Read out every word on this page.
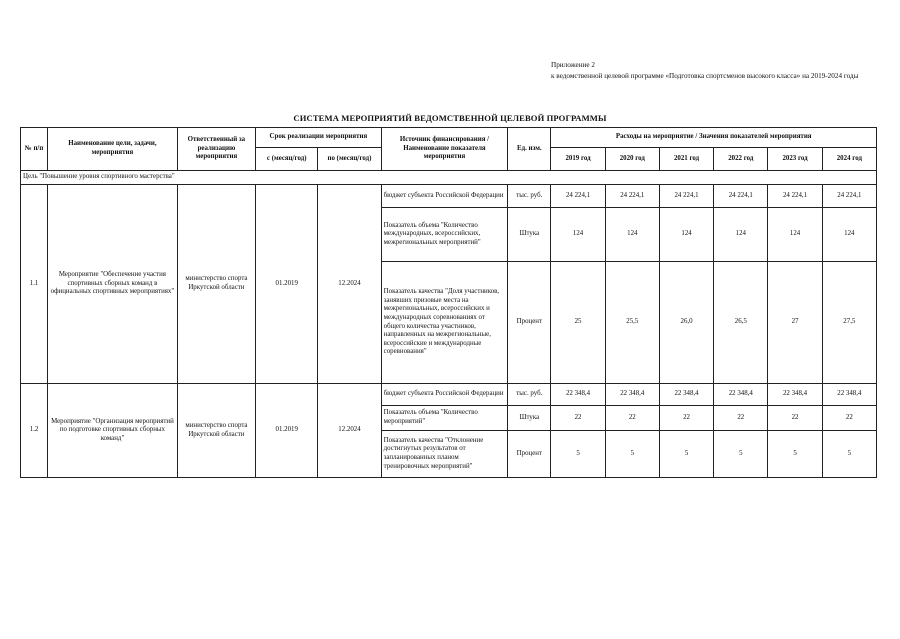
Приложение 2
к ведомственной целевой программе «Подготовка спортсменов высокого класса» на 2019-2024 годы
СИСТЕМА МЕРОПРИЯТИЙ ВЕДОМСТВЕННОЙ ЦЕЛЕВОЙ ПРОГРАММЫ
№ п/п	Наименование цели, задачи, мероприятия	Ответственный за реализацию мероприятия	Срок реализации мероприятия		Источник финансирования / Наименование показателя мероприятия	Ед. изм.	Расходы на мероприятие / Значения показателей мероприятия					
			с (месяц/год)	по (месяц/год)			2019 год	2020 год	2021 год	2022 год	2023 год	2024 год
Цель "Повышение уровня спортивного мастерства"												
1.1	Мероприятие "Обеспечение участия спортивных сборных команд в официальных спортивных мероприятиях"	министерство спорта Иркутской области	01.2019	12.2024	бюджет субъекта Российской Федерации	тыс. руб.	24 224,1	24 224,1	24 224,1	24 224,1	24 224,1	24 224,1
					Показатель объема "Количество международных, всероссийских, межрегиональных мероприятий"	Штука	124	124	124	124	124	124
					Показатель качества "Доля участников, занявших призовые места на межрегиональных, всероссийских и международных соревнованиях от общего количества участников, направленных на межрегиональные, всероссийские и международные соревнования"	Процент	25	25,5	26,0	26,5	27	27,5
1.2	Мероприятие "Организация мероприятий по подготовке спортивных сборных команд"	министерство спорта Иркутской области	01.2019	12.2024	бюджет субъекта Российской Федерации	тыс. руб.	22 348,4	22 348,4	22 348,4	22 348,4	22 348,4	22 348,4
					Показатель объема "Количество мероприятий"	Штука	22	22	22	22	22	22
					Показатель качества "Отклонение достигнутых результатов от запланированных планом тренировочных мероприятий"	Процент	5	5	5	5	5	5
